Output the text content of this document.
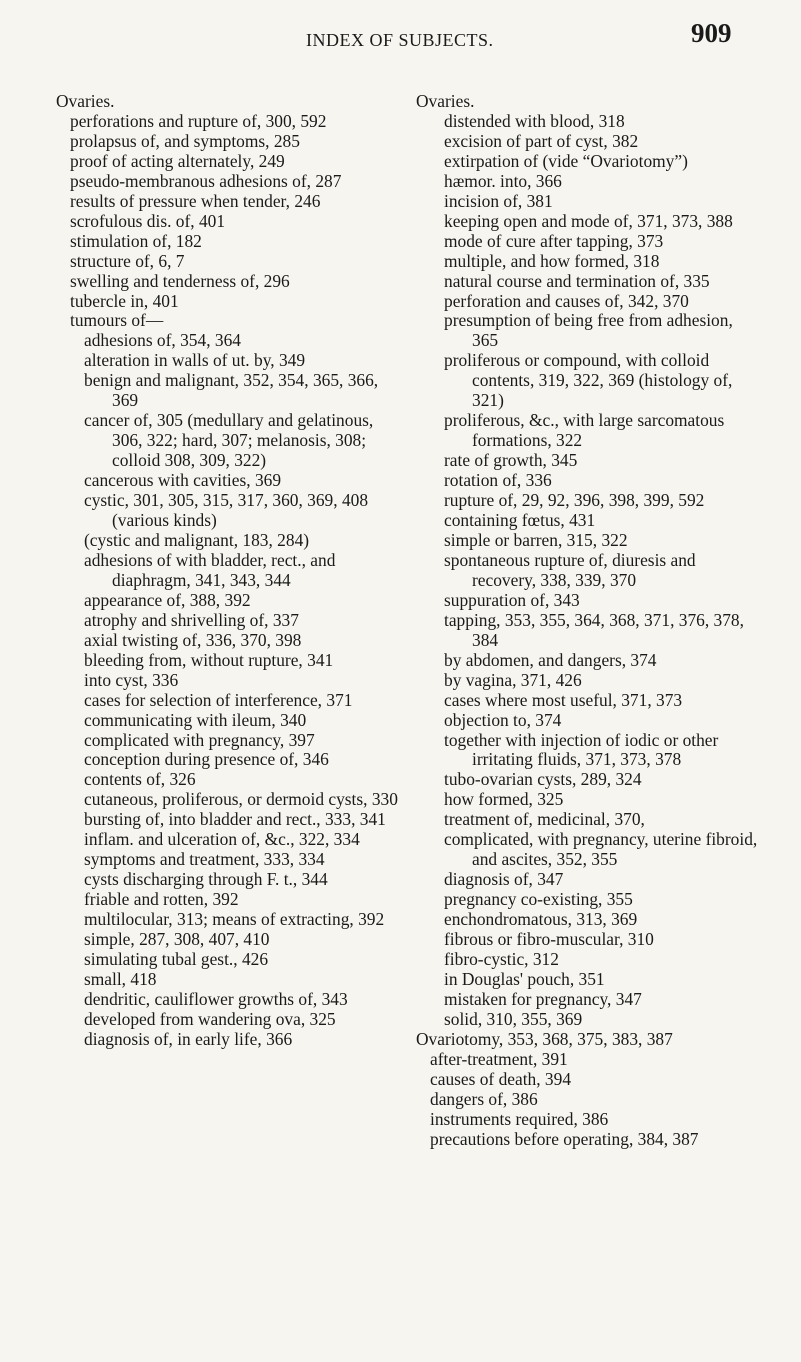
INDEX OF SUBJECTS.	909
Ovaries.
perforations and rupture of, 300, 592
prolapsus of, and symptoms, 285
proof of acting alternately, 249
pseudo-membranous adhesions of, 287
results of pressure when tender, 246
scrofulous dis. of, 401
stimulation of, 182
structure of, 6, 7
swelling and tenderness of, 296
tubercle in, 401
tumours of—
adhesions of, 354, 364
alteration in walls of ut. by, 349
benign and malignant, 352, 354, 365, 366, 369
cancer of, 305 (medullary and gelatinous, 306, 322; hard, 307; melanosis, 308; colloid 308, 309, 322)
cancerous with cavities, 369
cystic, 301, 305, 315, 317, 360, 369, 408 (various kinds)
(cystic and malignant, 183, 284)
adhesions of with bladder, rect., and diaphragm, 341, 343, 344
appearance of, 388, 392
atrophy and shrivelling of, 337
axial twisting of, 336, 370, 398
bleeding from, without rupture, 341
into cyst, 336
cases for selection of interference, 371
communicating with ileum, 340
complicated with pregnancy, 397
conception during presence of, 346
contents of, 326
cutaneous, proliferous, or dermoid cysts, 330
bursting of, into bladder and rect., 333, 341
inflam. and ulceration of, &c., 322, 334
symptoms and treatment, 333, 334
cysts discharging through F. t., 344
friable and rotten, 392
multilocular, 313; means of extracting, 392
simple, 287, 308, 407, 410
simulating tubal gest., 426
small, 418
dendritic, cauliflower growths of, 343
developed from wandering ova, 325
diagnosis of, in early life, 366
Ovaries.
distended with blood, 318
excision of part of cyst, 382
extirpation of (vide “Ovariotomy”)
hæmor. into, 366
incision of, 381
keeping open and mode of, 371, 373, 388
mode of cure after tapping, 373
multiple, and how formed, 318
natural course and termination of, 335
perforation and causes of, 342, 370
presumption of being free from adhesion, 365
proliferous or compound, with colloid contents, 319, 322, 369 (histology of, 321)
proliferous, &c., with large sarcomatous formations, 322
rate of growth, 345
rotation of, 336
rupture of, 29, 92, 396, 398, 399, 592
containing fœtus, 431
simple or barren, 315, 322
spontaneous rupture of, diuresis and recovery, 338, 339, 370
suppuration of, 343
tapping, 353, 355, 364, 368, 371, 376, 378, 384
by abdomen, and dangers, 374
by vagina, 371, 426
cases where most useful, 371, 373
objection to, 374
together with injection of iodic or other irritating fluids, 371, 373, 378
tubo-ovarian cysts, 289, 324
how formed, 325
treatment of, medicinal, 370,
complicated, with pregnancy, uterine fibroid, and ascites, 352, 355
diagnosis of, 347
pregnancy co-existing, 355
enchondromatous, 313, 369
fibrous or fibro-muscular, 310
fibro-cystic, 312
in Douglas' pouch, 351
mistaken for pregnancy, 347
solid, 310, 355, 369
Ovariotomy, 353, 368, 375, 383, 387
after-treatment, 391
causes of death, 394
dangers of, 386
instruments required, 386
precautions before operating, 384, 387
